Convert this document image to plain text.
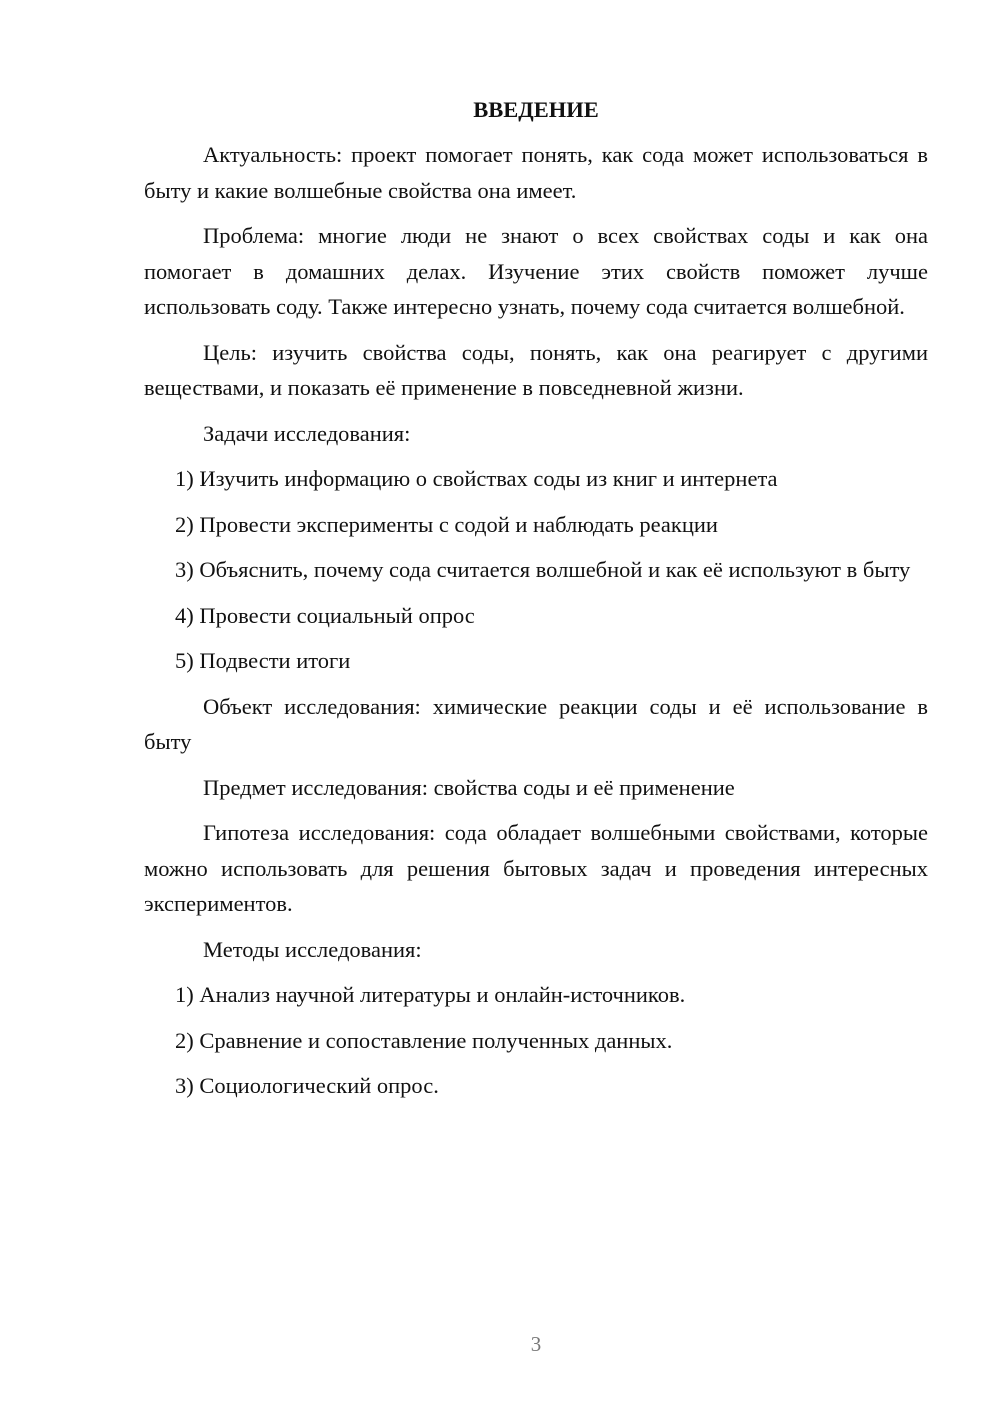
ВВЕДЕНИЕ

Актуальность: проект помогает понять, как сода может использоваться в быту и какие волшебные свойства она имеет.

Проблема: многие люди не знают о всех свойствах соды и как она помогает в домашних делах. Изучение этих свойств поможет лучше использовать соду. Также интересно узнать, почему сода считается волшебной.

Цель: изучить свойства соды, понять, как она реагирует с другими веществами, и показать её применение в повседневной жизни.

Задачи исследования:

1) Изучить информацию о свойствах соды из книг и интернета

2) Провести эксперименты с содой и наблюдать реакции

3) Объяснить, почему сода считается волшебной и как её используют в быту

4) Провести социальный опрос

5) Подвести итоги

Объект исследования: химические реакции соды и её использование в быту

Предмет исследования: свойства соды и её применение

Гипотеза исследования: сода обладает волшебными свойствами, которые можно использовать для решения бытовых задач и проведения интересных экспериментов.

Методы исследования:

1) Анализ научной литературы и онлайн-источников.

2) Сравнение и сопоставление полученных данных.

3) Социологический опрос.

3
